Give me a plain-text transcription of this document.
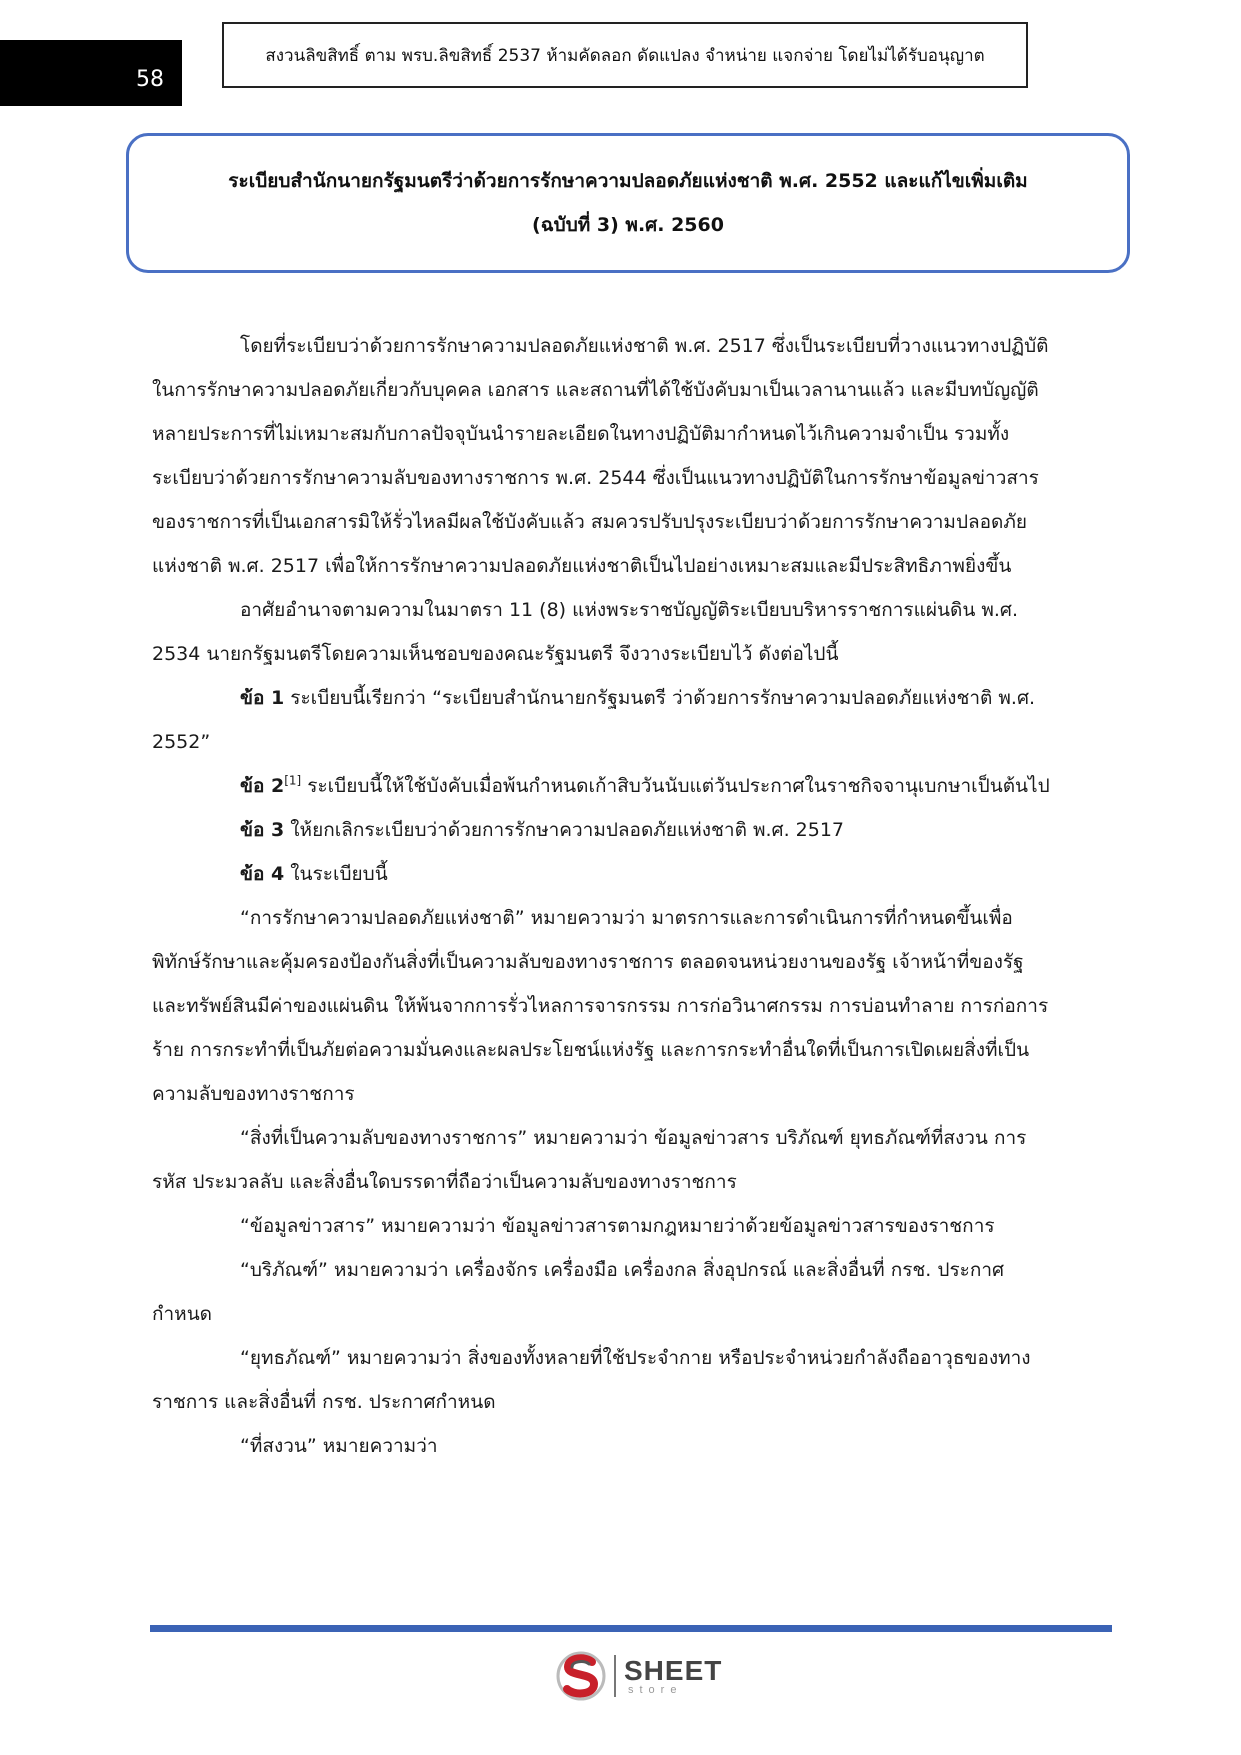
58
สงวนลิขสิทธิ์ ตาม พรบ.ลิขสิทธิ์ 2537 ห้ามคัดลอก ดัดแปลง จำหน่าย แจกจ่าย โดยไม่ได้รับอนุญาต
ระเบียบสำนักนายกรัฐมนตรีว่าด้วยการรักษาความปลอดภัยแห่งชาติ พ.ศ. 2552 และแก้ไขเพิ่มเติม
(ฉบับที่ 3) พ.ศ. 2560

โดยที่ระเบียบว่าด้วยการรักษาความปลอดภัยแห่งชาติ พ.ศ. 2517 ซึ่งเป็นระเบียบที่วางแนวทางปฏิบัติในการรักษาความปลอดภัยเกี่ยวกับบุคคล เอกสาร และสถานที่ได้ใช้บังคับมาเป็นเวลานานแล้ว และมีบทบัญญัติหลายประการที่ไม่เหมาะสมกับกาลปัจจุบันนำรายละเอียดในทางปฏิบัติมากำหนดไว้เกินความจำเป็น รวมทั้งระเบียบว่าด้วยการรักษาความลับของทางราชการ พ.ศ. 2544 ซึ่งเป็นแนวทางปฏิบัติในการรักษาข้อมูลข่าวสารของราชการที่เป็นเอกสารมิให้รั่วไหลมีผลใช้บังคับแล้ว สมควรปรับปรุงระเบียบว่าด้วยการรักษาความปลอดภัยแห่งชาติ พ.ศ. 2517 เพื่อให้การรักษาความปลอดภัยแห่งชาติเป็นไปอย่างเหมาะสมและมีประสิทธิภาพยิ่งขึ้น

อาศัยอำนาจตามความในมาตรา 11 (8) แห่งพระราชบัญญัติระเบียบบริหารราชการแผ่นดิน พ.ศ. 2534 นายกรัฐมนตรีโดยความเห็นชอบของคณะรัฐมนตรี จึงวางระเบียบไว้ ดังต่อไปนี้

ข้อ 1 ระเบียบนี้เรียกว่า “ระเบียบสำนักนายกรัฐมนตรี ว่าด้วยการรักษาความปลอดภัยแห่งชาติ พ.ศ. 2552”

ข้อ 2[1] ระเบียบนี้ให้ใช้บังคับเมื่อพ้นกำหนดเก้าสิบวันนับแต่วันประกาศในราชกิจจานุเบกษาเป็นต้นไป

ข้อ 3 ให้ยกเลิกระเบียบว่าด้วยการรักษาความปลอดภัยแห่งชาติ พ.ศ. 2517

ข้อ 4 ในระเบียบนี้

“การรักษาความปลอดภัยแห่งชาติ” หมายความว่า มาตรการและการดำเนินการที่กำหนดขึ้นเพื่อพิทักษ์รักษาและคุ้มครองป้องกันสิ่งที่เป็นความลับของทางราชการ ตลอดจนหน่วยงานของรัฐ เจ้าหน้าที่ของรัฐ และทรัพย์สินมีค่าของแผ่นดิน ให้พ้นจากการรั่วไหลการจารกรรม การก่อวินาศกรรม การบ่อนทำลาย การก่อการร้าย การกระทำที่เป็นภัยต่อความมั่นคงและผลประโยชน์แห่งรัฐ และการกระทำอื่นใดที่เป็นการเปิดเผยสิ่งที่เป็นความลับของทางราชการ

“สิ่งที่เป็นความลับของทางราชการ” หมายความว่า ข้อมูลข่าวสาร บริภัณฑ์ ยุทธภัณฑ์ที่สงวน การรหัส ประมวลลับ และสิ่งอื่นใดบรรดาที่ถือว่าเป็นความลับของทางราชการ

“ข้อมูลข่าวสาร” หมายความว่า ข้อมูลข่าวสารตามกฎหมายว่าด้วยข้อมูลข่าวสารของราชการ

“บริภัณฑ์” หมายความว่า เครื่องจักร เครื่องมือ เครื่องกล สิ่งอุปกรณ์ และสิ่งอื่นที่ กรช. ประกาศกำหนด

“ยุทธภัณฑ์” หมายความว่า สิ่งของทั้งหลายที่ใช้ประจำกาย หรือประจำหน่วยกำลังถืออาวุธของทางราชการ และสิ่งอื่นที่ กรช. ประกาศกำหนด

“ที่สงวน” หมายความว่า

SHEET
store
